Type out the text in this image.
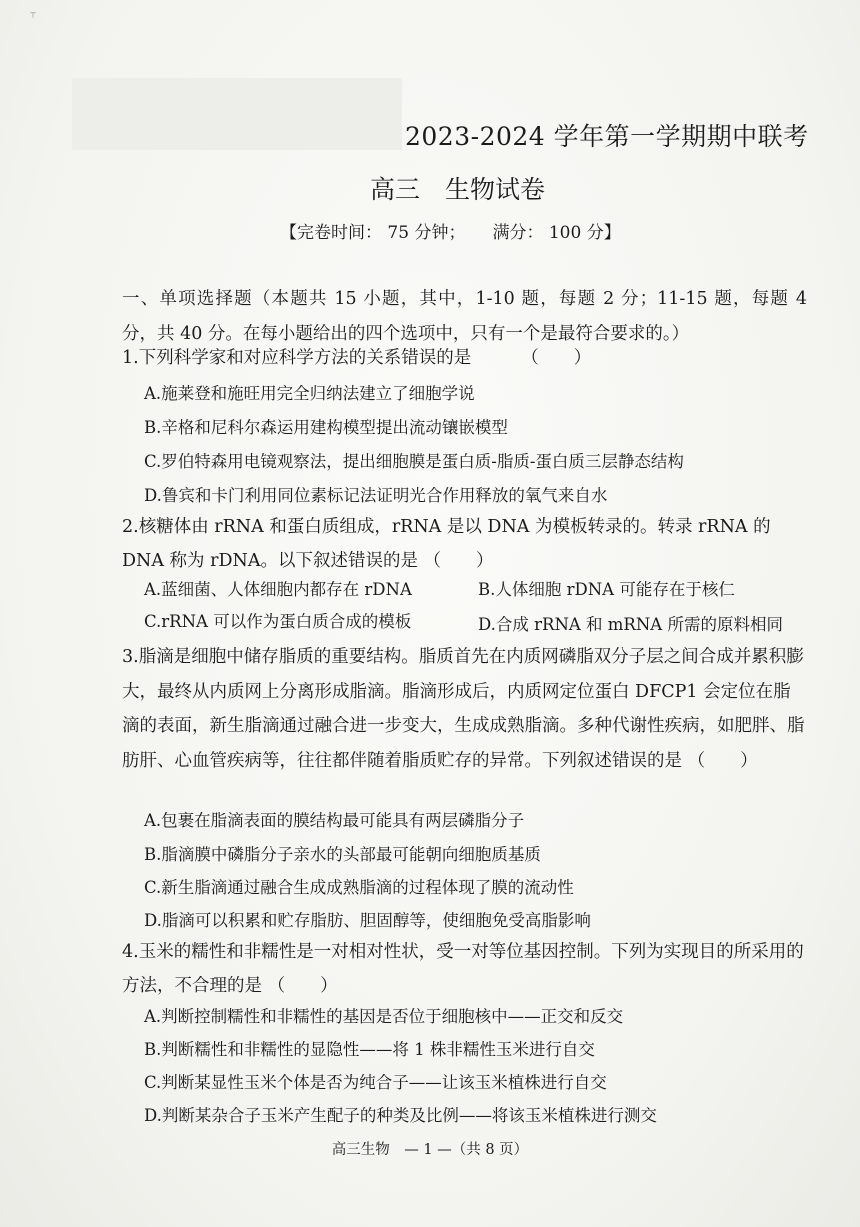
⸆
2023-2024 学年第一学期期中联考
高三　生物试卷
【完卷时间： 75 分钟；     满分： 100 分】
一、单项选择题（本题共 15 小题，其中，1-10 题，每题 2 分；11-15 题，每题 4 分，共 40 分。在每小题给出的四个选项中，只有一个是最符合要求的。）
1.下列科学家和对应科学方法的关系错误的是	（　　）
A.施莱登和施旺用完全归纳法建立了细胞学说
B.辛格和尼科尔森运用建构模型提出流动镶嵌模型
C.罗伯特森用电镜观察法，提出细胞膜是蛋白质-脂质-蛋白质三层静态结构
D.鲁宾和卡门利用同位素标记法证明光合作用释放的氧气来自水
2.核糖体由 rRNA 和蛋白质组成，rRNA 是以 DNA 为模板转录的。转录 rRNA 的 DNA 称为 rDNA。以下叙述错误的是 （　　）
A.蓝细菌、人体细胞内都存在 rDNA	B.人体细胞 rDNA 可能存在于核仁
C.rRNA 可以作为蛋白质合成的模板	D.合成 rRNA 和 mRNA 所需的原料相同
3.脂滴是细胞中储存脂质的重要结构。脂质首先在内质网磷脂双分子层之间合成并累积膨大，最终从内质网上分离形成脂滴。脂滴形成后，内质网定位蛋白 DFCP1 会定位在脂滴的表面，新生脂滴通过融合进一步变大，生成成熟脂滴。多种代谢性疾病，如肥胖、脂肪肝、心血管疾病等，往往都伴随着脂质贮存的异常。下列叙述错误的是 （　　）
A.包裹在脂滴表面的膜结构最可能具有两层磷脂分子
B.脂滴膜中磷脂分子亲水的头部最可能朝向细胞质基质
C.新生脂滴通过融合生成成熟脂滴的过程体现了膜的流动性
D.脂滴可以积累和贮存脂肪、胆固醇等，使细胞免受高脂影响
4.玉米的糯性和非糯性是一对相对性状，受一对等位基因控制。下列为实现目的所采用的方法，不合理的是 （　　）
A.判断控制糯性和非糯性的基因是否位于细胞核中——正交和反交
B.判断糯性和非糯性的显隐性——将 1 株非糯性玉米进行自交
C.判断某显性玉米个体是否为纯合子——让该玉米植株进行自交
D.判断某杂合子玉米产生配子的种类及比例——将该玉米植株进行测交
高三生物　— 1 —（共 8 页）
